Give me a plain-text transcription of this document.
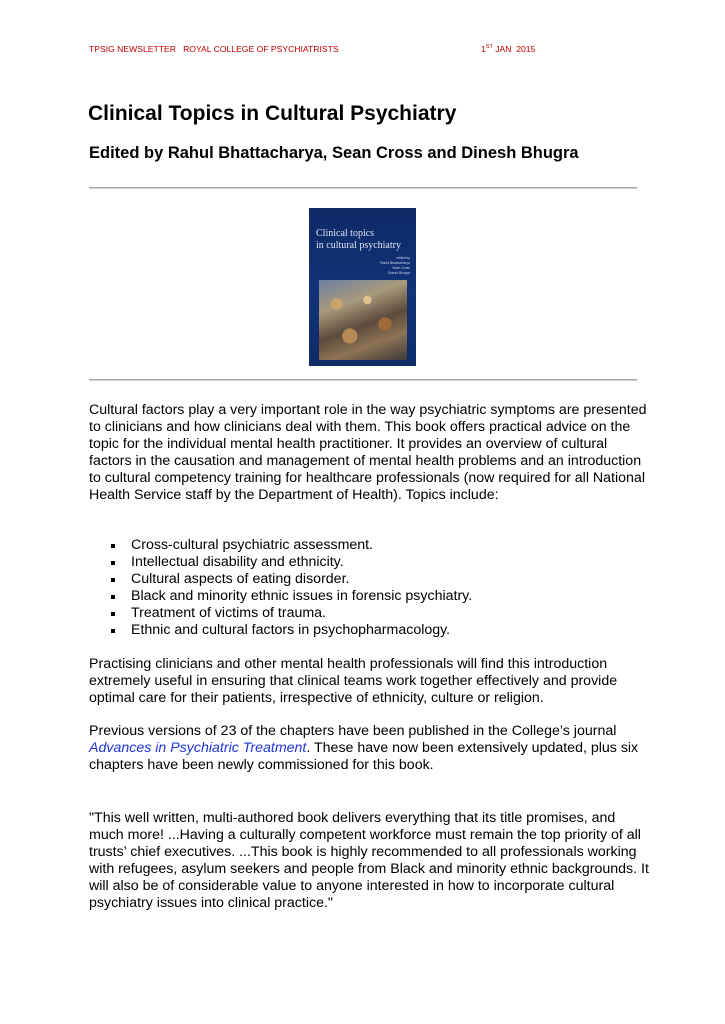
TPSIG NEWSLETTER   ROYAL COLLEGE OF PSYCHIATRISTS	1ST JAN  2015
Clinical Topics in Cultural Psychiatry
Edited by Rahul Bhattacharya, Sean Cross and Dinesh Bhugra
Clinical topics
in cultural psychiatry
edited by
Rahul Bhattacharya
Sean Cross
Dinesh Bhugra

Cultural factors play a very important role in the way psychiatric symptoms are presented to clinicians and how clinicians deal with them. This book offers practical advice on the topic for the individual mental health practitioner. It provides an overview of cultural factors in the causation and management of mental health problems and an introduction to cultural competency training for healthcare professionals (now required for all National Health Service staff by the Department of Health). Topics include:

Cross-cultural psychiatric assessment.
Intellectual disability and ethnicity.
Cultural aspects of eating disorder.
Black and minority ethnic issues in forensic psychiatry.
Treatment of victims of trauma.
Ethnic and cultural factors in psychopharmacology.

Practising clinicians and other mental health professionals will find this introduction extremely useful in ensuring that clinical teams work together effectively and provide optimal care for their patients, irrespective of ethnicity, culture or religion.

Previous versions of 23 of the chapters have been published in the College’s journal Advances in Psychiatric Treatment. These have now been extensively updated, plus six chapters have been newly commissioned for this book.

"This well written, multi-authored book delivers everything that its title promises, and much more! ...Having a culturally competent workforce must remain the top priority of all trusts’ chief executives. ...This book is highly recommended to all professionals working with refugees, asylum seekers and people from Black and minority ethnic backgrounds. It will also be of considerable value to anyone interested in how to incorporate cultural psychiatry issues into clinical practice."
